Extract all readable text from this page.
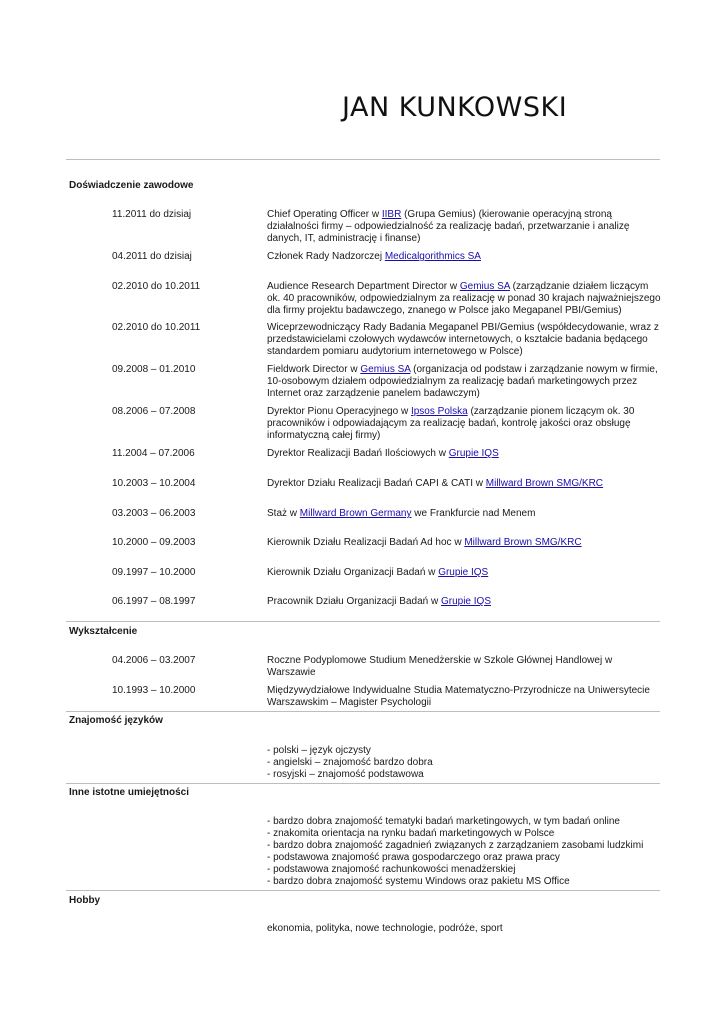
JAN KUNKOWSKI
Doświadczenie zawodowe
11.2011 do dzisiaj	Chief Operating Officer w IIBR (Grupa Gemius) (kierowanie operacyjną stroną działalności firmy – odpowiedzialność za realizację badań, przetwarzanie i analizę danych, IT, administrację i finanse)
04.2011 do dzisiaj	Członek Rady Nadzorczej Medicalgorithmics SA
02.2010 do 10.2011	Audience Research Department Director w Gemius SA (zarządzanie działem liczącym ok. 40 pracowników, odpowiedzialnym za realizację w ponad 30 krajach najważniejszego dla firmy projektu badawczego, znanego w Polsce jako Megapanel PBI/Gemius)
02.2010 do 10.2011	Wiceprzewodniczący Rady Badania Megapanel PBI/Gemius (współdecydowanie, wraz z przedstawicielami czołowych wydawców internetowych, o kształcie badania będącego standardem pomiaru audytorium internetowego w Polsce)
09.2008 – 01.2010	Fieldwork Director w Gemius SA (organizacja od podstaw i zarządzanie nowym w firmie, 10-osobowym działem odpowiedzialnym za realizację badań marketingowych przez Internet oraz zarządzenie panelem badawczym)
08.2006 – 07.2008	Dyrektor Pionu Operacyjnego w Ipsos Polska (zarządzanie pionem liczącym ok. 30 pracowników i odpowiadającym za realizację badań, kontrolę jakości oraz obsługę informatyczną całej firmy)
11.2004 – 07.2006	Dyrektor Realizacji Badań Ilościowych w Grupie IQS
10.2003 – 10.2004	Dyrektor Działu Realizacji Badań CAPI & CATI w Millward Brown SMG/KRC
03.2003 – 06.2003	Staż w Millward Brown Germany we Frankfurcie nad Menem
10.2000 – 09.2003	Kierownik Działu Realizacji Badań Ad hoc w Millward Brown SMG/KRC
09.1997 – 10.2000	Kierownik Działu Organizacji Badań w Grupie IQS
06.1997 – 08.1997	Pracownik Działu Organizacji Badań w Grupie IQS
Wykształcenie
04.2006 – 03.2007	Roczne Podyplomowe Studium Menedżerskie w Szkole Głównej Handlowej w Warszawie
10.1993 – 10.2000	Międzywydziałowe Indywidualne Studia Matematyczno-Przyrodnicze na Uniwersytecie Warszawskim – Magister Psychologii
Znajomość języków
- polski – język ojczysty
- angielski – znajomość bardzo dobra
- rosyjski – znajomość podstawowa
Inne istotne umiejętności
- bardzo dobra znajomość tematyki badań marketingowych, w tym badań online
- znakomita orientacja na rynku badań marketingowych w Polsce
- bardzo dobra znajomość zagadnień związanych z zarządzaniem zasobami ludzkimi
- podstawowa znajomość prawa gospodarczego oraz prawa pracy
- podstawowa znajomość rachunkowości menadżerskiej
- bardzo dobra znajomość systemu Windows oraz pakietu MS Office
Hobby
ekonomia, polityka, nowe technologie, podróże, sport
